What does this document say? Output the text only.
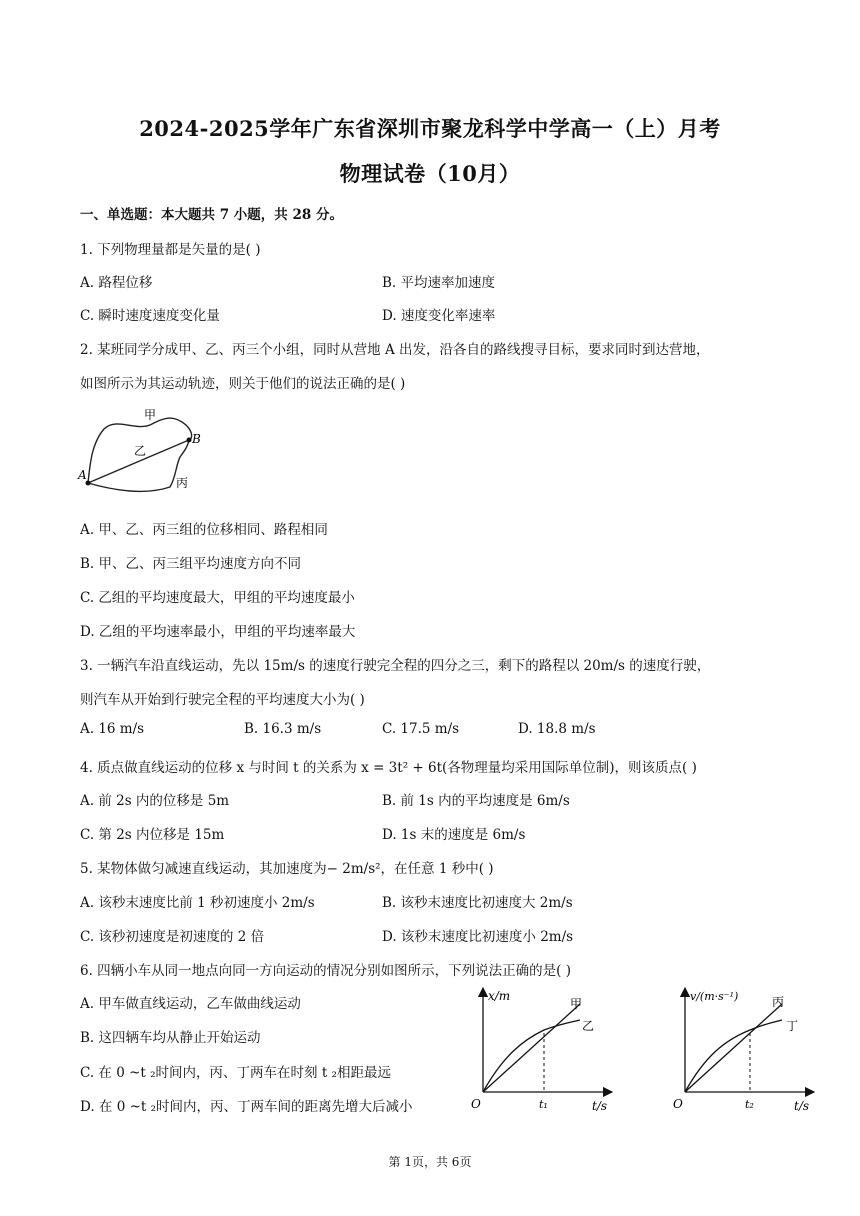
2024-2025学年广东省深圳市聚龙科学中学高一（上）月考
物理试卷（10月）
一、单选题：本大题共 7 小题，共 28 分。
1. 下列物理量都是矢量的是( )
A. 路程位移	B. 平均速率加速度
C. 瞬时速度速度变化量	D. 速度变化率速率
2. 某班同学分成甲、乙、丙三个小组，同时从营地 A 出发，沿各自的路线搜寻目标，要求同时到达营地，
如图所示为其运动轨迹，则关于他们的说法正确的是( )
甲
乙
丙
A
B
A. 甲、乙、丙三组的位移相同、路程相同
B. 甲、乙、丙三组平均速度方向不同
C. 乙组的平均速度最大，甲组的平均速度最小
D. 乙组的平均速率最小，甲组的平均速率最大
3. 一辆汽车沿直线运动，先以 15m/s 的速度行驶完全程的四分之三，剩下的路程以 20m/s 的速度行驶，
则汽车从开始到行驶完全程的平均速度大小为( )
A. 16 m/s	B. 16.3 m/s	C. 17.5 m/s	D. 18.8 m/s
4. 质点做直线运动的位移 x 与时间 t 的关系为 x = 3t² + 6t(各物理量均采用国际单位制)，则该质点( )
A. 前 2s 内的位移是 5m	B. 前 1s 内的平均速度是 6m/s
C. 第 2s 内位移是 15m	D. 1s 末的速度是 6m/s
5. 某物体做匀减速直线运动，其加速度为− 2m/s²，在任意 1 秒中( )
A. 该秒末速度比前 1 秒初速度小 2m/s	B. 该秒末速度比初速度大 2m/s
C. 该秒初速度是初速度的 2 倍	D. 该秒末速度比初速度小 2m/s
6. 四辆小车从同一地点向同一方向运动的情况分别如图所示，下列说法正确的是( )
A. 甲车做直线运动，乙车做曲线运动
B. 这四辆车均从静止开始运动
C. 在 0 ~t ₂时间内，丙、丁两车在时刻 t ₂相距最远
D. 在 0 ~t ₂时间内，丙、丁两车间的距离先增大后减小
x/m
t/s
O	t₁
甲
乙
v/(m·s⁻¹)
t/s
O	t₂
丙
丁
第 1页，共 6页
